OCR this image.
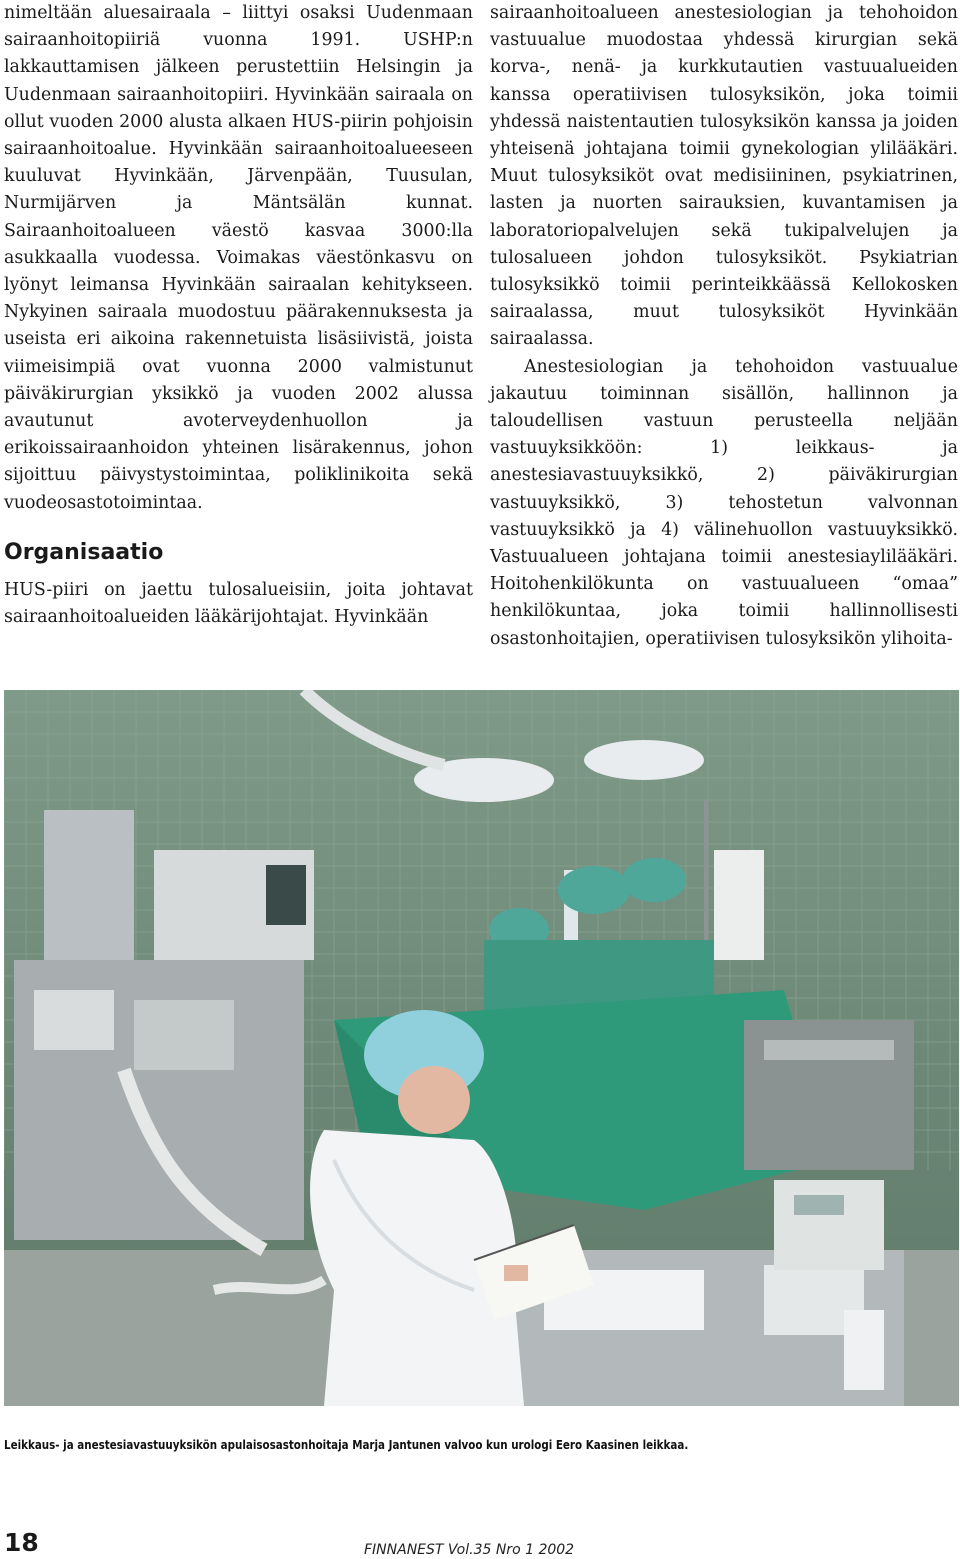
nimeltään aluesairaala – liittyi osaksi Uudenmaan sairaanhoitopiiriä vuonna 1991. USHP:n lakkauttamisen jälkeen perustettiin Helsingin ja Uudenmaan sairaanhoitopiiri. Hyvinkään sairaala on ollut vuoden 2000 alusta alkaen HUS-piirin pohjoisin sairaanhoitoalue. Hyvinkään sairaanhoitoalueeseen kuuluvat Hyvinkään, Järvenpään, Tuusulan, Nurmijärven ja Mäntsälän kunnat. Sairaanhoitoalueen väestö kasvaa 3000:lla asukkaalla vuodessa. Voimakas väestönkasvu on lyönyt leimansa Hyvinkään sairaalan kehitykseen. Nykyinen sairaala muodostuu päärakennuksesta ja useista eri aikoina rakennetuista lisäsiivistä, joista viimeisimpiä ovat vuonna 2000 valmistunut päiväkirurgian yksikkö ja vuoden 2002 alussa avautunut avoterveydenhuollon ja erikoissairaanhoidon yhteinen lisärakennus, johon sijoittuu päivystystoimintaa, poliklinikoita sekä vuodeosastotoimintaa.

Organisaatio

HUS-piiri on jaettu tulosalueisiin, joita johtavat sairaanhoitoalueiden lääkärijohtajat. Hyvinkään

sairaanhoitoalueen anestesiologian ja tehohoidon vastuualue muodostaa yhdessä kirurgian sekä korva-, nenä- ja kurkkutautien vastuualueiden kanssa operatiivisen tulosyksikön, joka toimii yhdessä naistentautien tulosyksikön kanssa ja joiden yhteisenä johtajana toimii gynekologian ylilääkäri. Muut tulosyksiköt ovat medisiininen, psykiatrinen, lasten ja nuorten sairauksien, kuvantamisen ja laboratoriopalvelujen sekä tukipalvelujen ja tulosalueen johdon tulosyksiköt. Psykiatrian tulosyksikkö toimii perinteikkäässä Kellokosken sairaalassa, muut tulosyksiköt Hyvinkään sairaalassa.

Anestesiologian ja tehohoidon vastuualue jakautuu toiminnan sisällön, hallinnon ja taloudellisen vastuun perusteella neljään vastuuyksikköön: 1) leikkaus- ja anestesiavastuuyksikkö, 2) päiväkirurgian vastuuyksikkö, 3) tehostetun valvonnan vastuuyksikkö ja 4) välinehuollon vastuuyksikkö. Vastuualueen johtajana toimii anestesiaylilääkäri. Hoitohenkilökunta on vastuualueen “omaa” henkilökuntaa, joka toimii hallinnollisesti osastonhoitajien, operatiivisen tulosyksikön ylihoita-

Leikkaus- ja anestesiavastuuyksikön apulaisosastonhoitaja Marja Jantunen valvoo kun urologi Eero Kaasinen leikkaa.
18	FINNANEST Vol.35 Nro 1 2002
